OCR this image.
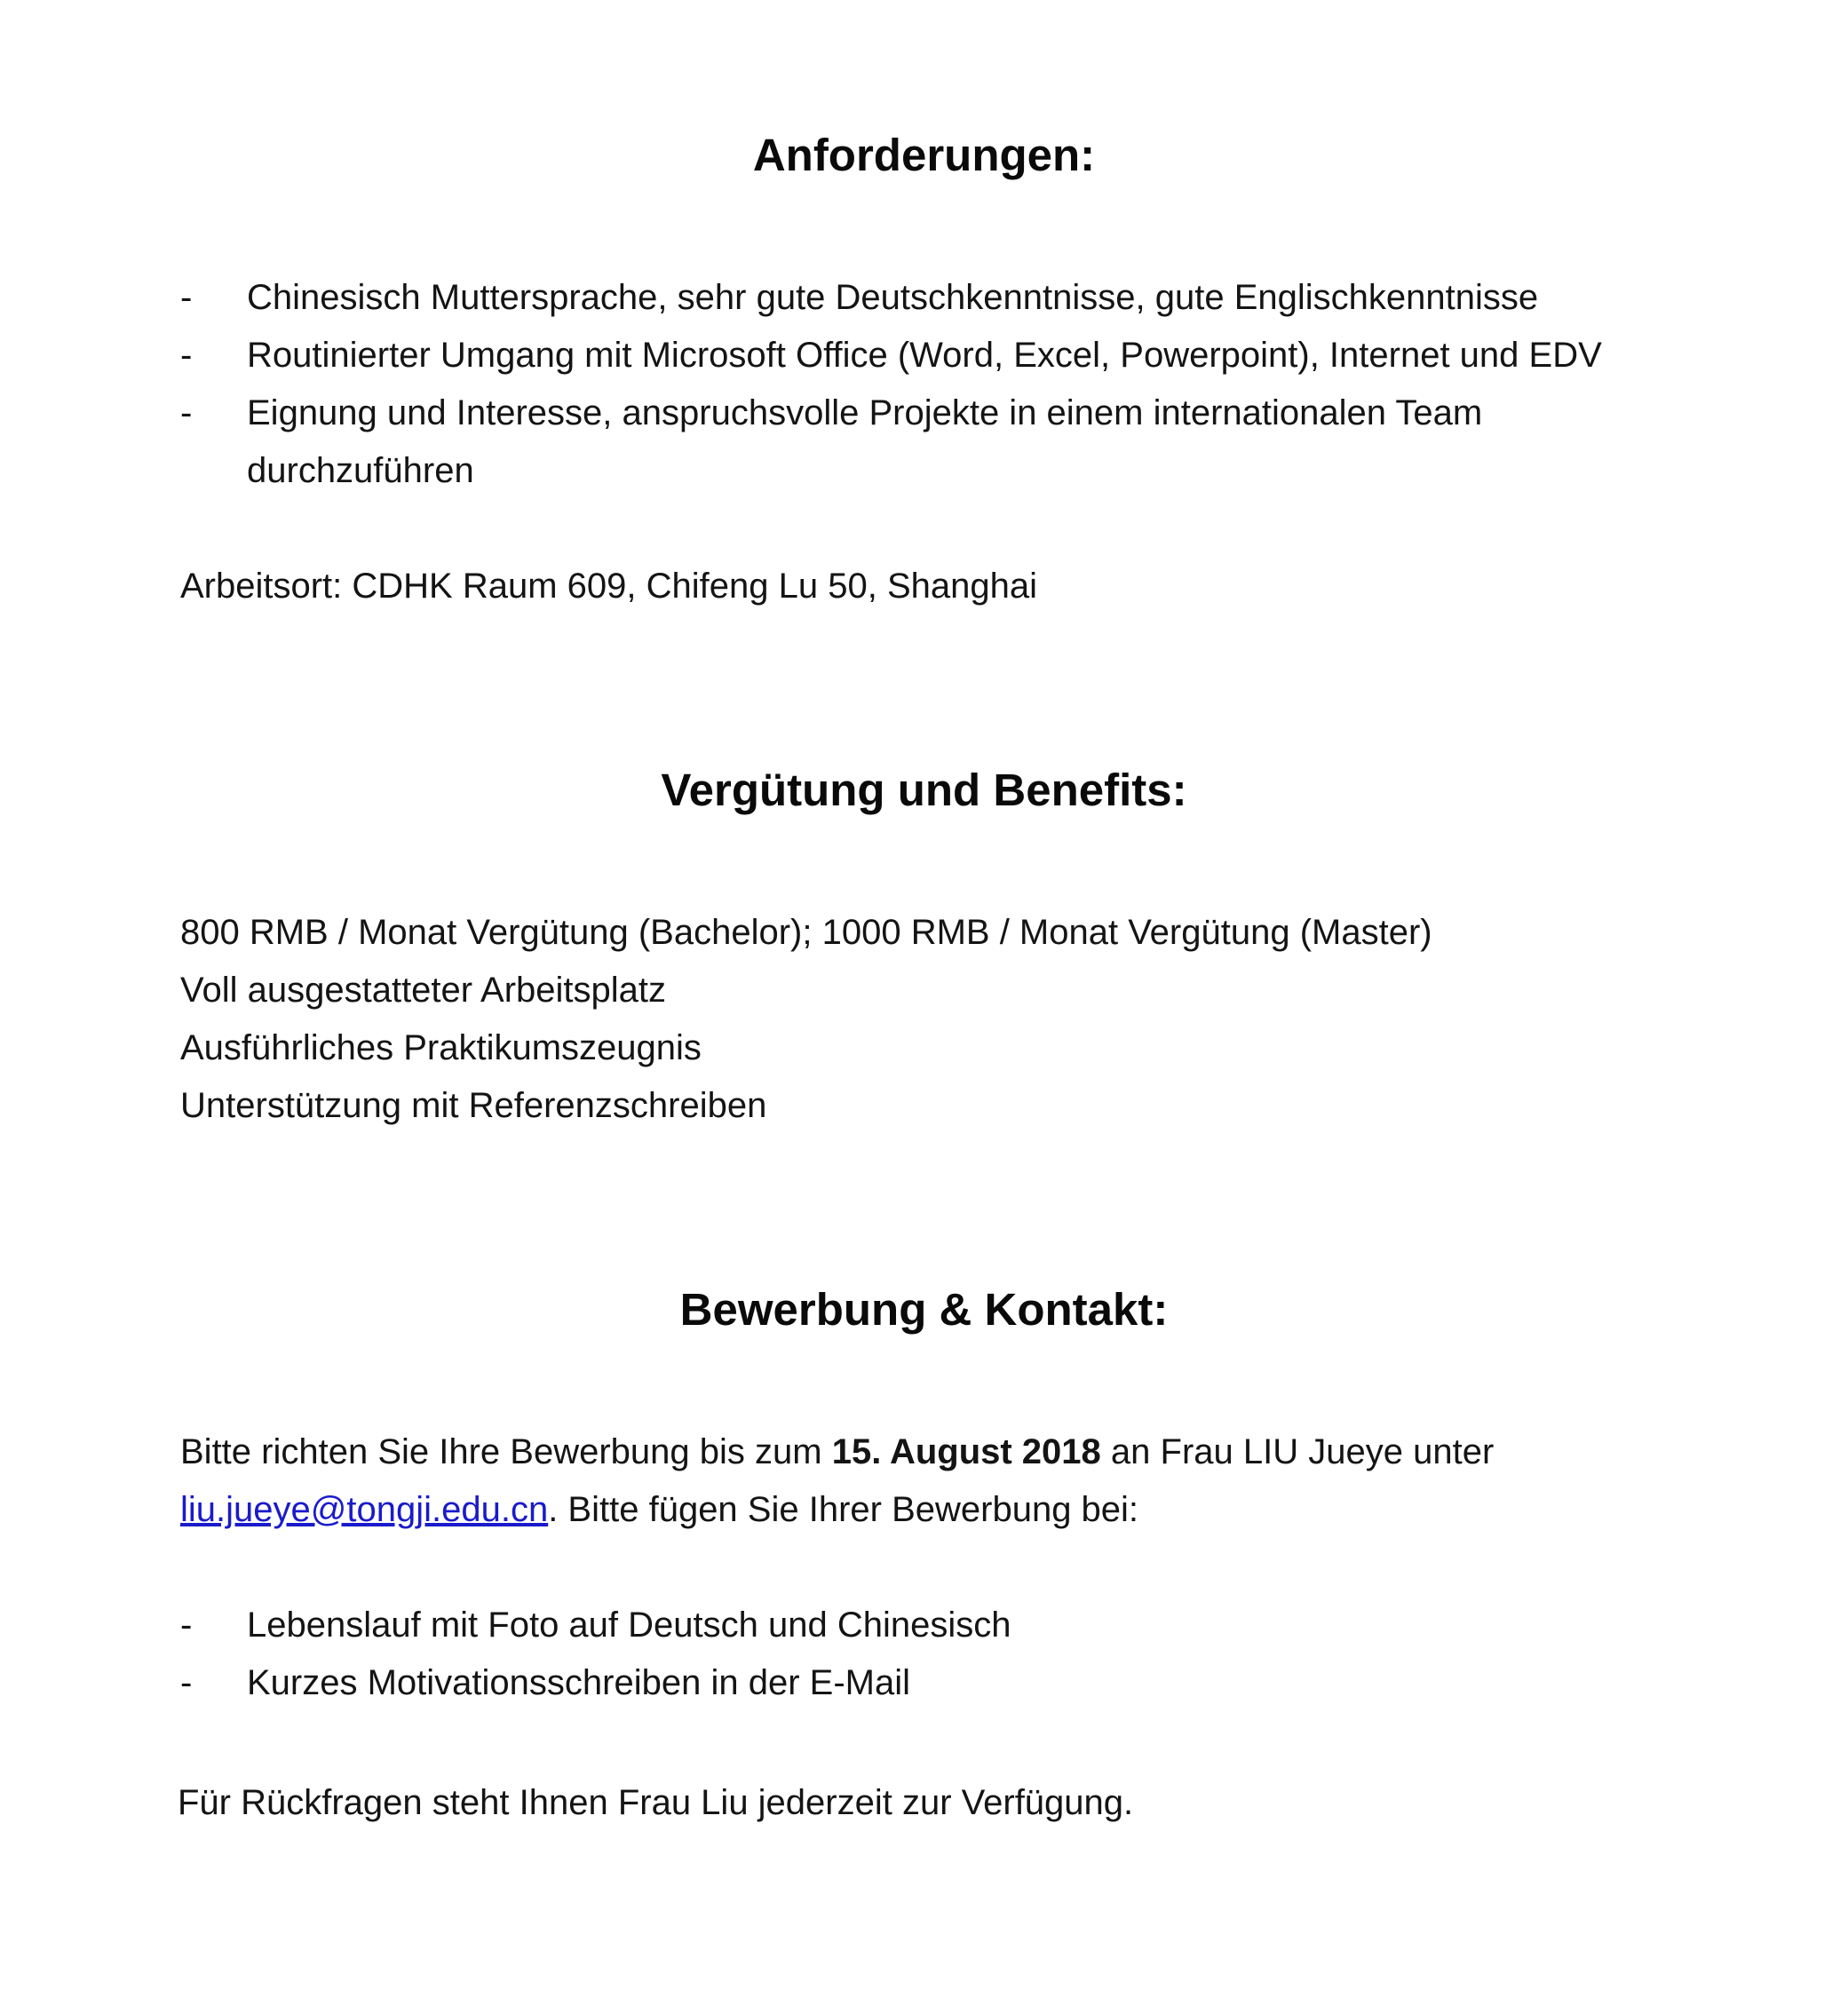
Anforderungen:
- Chinesisch Muttersprache, sehr gute Deutschkenntnisse, gute Englischkenntnisse
- Routinierter Umgang mit Microsoft Office (Word, Excel, Powerpoint), Internet und EDV
- Eignung und Interesse, anspruchsvolle Projekte in einem internationalen Team
durchzuführen
Arbeitsort: CDHK Raum 609, Chifeng Lu 50, Shanghai
Vergütung und Benefits:
800 RMB / Monat Vergütung (Bachelor); 1000 RMB / Monat Vergütung (Master)
Voll ausgestatteter Arbeitsplatz
Ausführliches Praktikumszeugnis
Unterstützung mit Referenzschreiben
Bewerbung & Kontakt:
Bitte richten Sie Ihre Bewerbung bis zum 15. August 2018 an Frau LIU Jueye unter
liu.jueye@tongji.edu.cn. Bitte fügen Sie Ihrer Bewerbung bei:
- Lebenslauf mit Foto auf Deutsch und Chinesisch
- Kurzes Motivationsschreiben in der E-Mail
Für Rückfragen steht Ihnen Frau Liu jederzeit zur Verfügung.
